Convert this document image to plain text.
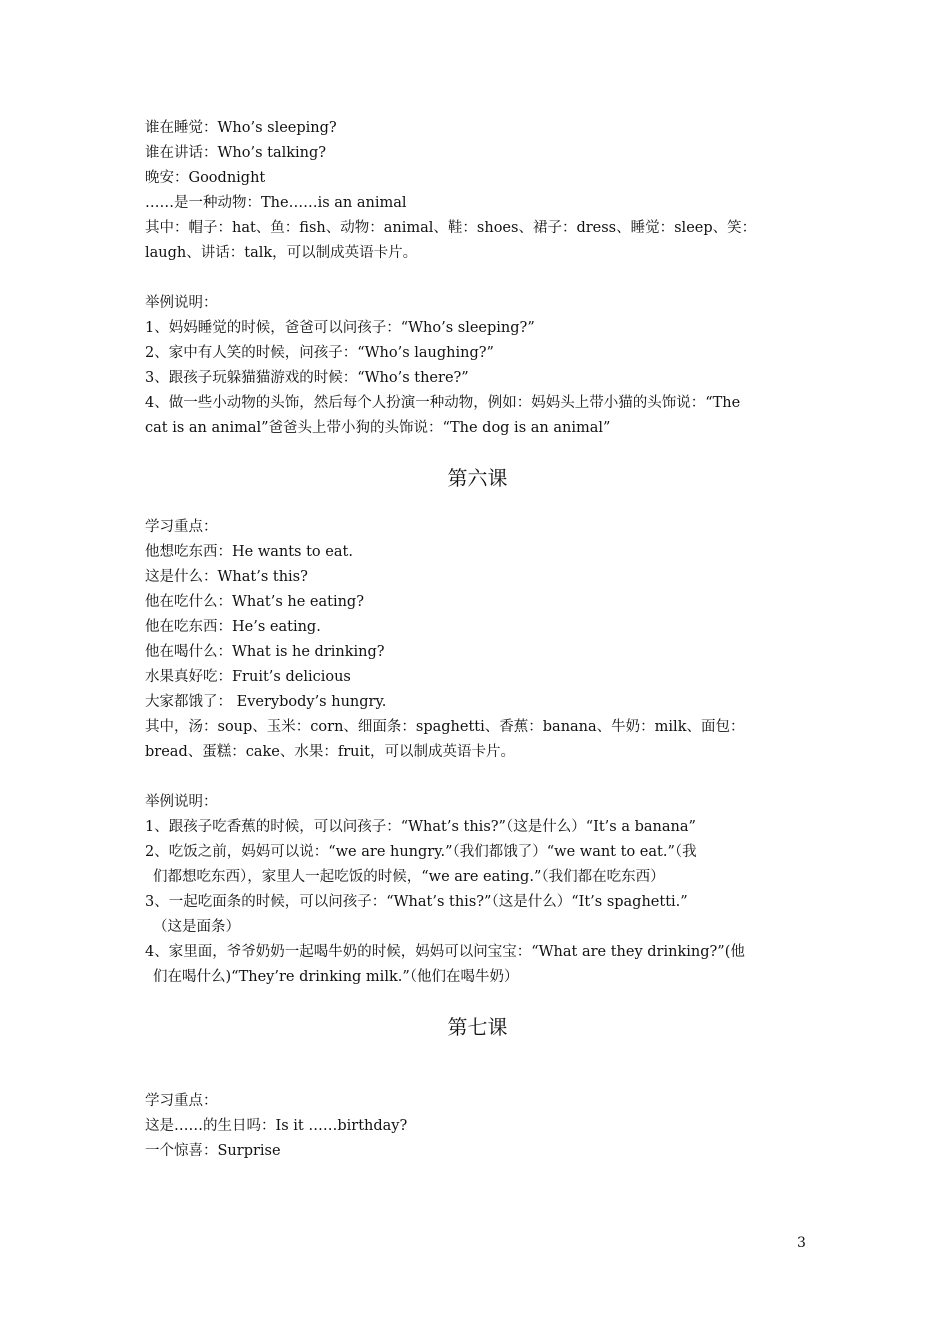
谁在睡觉：Who’s sleeping?
谁在讲话：Who’s talking?
晚安：Goodnight
……是一种动物：The……is an animal
其中：帽子：hat、鱼：fish、动物：animal、鞋：shoes、裙子：dress、睡觉：sleep、笑：
laugh、讲话：talk，可以制成英语卡片。
举例说明：
1、妈妈睡觉的时候，爸爸可以问孩子：“Who’s sleeping?”
2、家中有人笑的时候，问孩子：“Who’s laughing?”
3、跟孩子玩躲猫猫游戏的时候：“Who’s there?”
4、做一些小动物的头饰，然后每个人扮演一种动物，例如：妈妈头上带小猫的头饰说：“The
cat is an animal”爸爸头上带小狗的头饰说：“The dog is an animal”
第六课
学习重点：
他想吃东西：He wants to eat.
这是什么：What’s this?
他在吃什么：What’s he eating?
他在吃东西：He’s eating.
他在喝什么：What is he drinking?
水果真好吃：Fruit’s delicious
大家都饿了： Everybody’s hungry.
其中，汤：soup、玉米：corn、细面条：spaghetti、香蕉：banana、牛奶：milk、面包：
bread、蛋糕：cake、水果：fruit，可以制成英语卡片。
举例说明：
1、跟孩子吃香蕉的时候，可以问孩子：“What’s this?”（这是什么）“It’s a banana”
2、吃饭之前，妈妈可以说：“we are hungry.”（我们都饿了）“we want to eat.”（我
们都想吃东西），家里人一起吃饭的时候，“we are eating.”（我们都在吃东西）
3、一起吃面条的时候，可以问孩子：“What’s this?”（这是什么）“It’s spaghetti.”
（这是面条）
4、家里面，爷爷奶奶一起喝牛奶的时候，妈妈可以问宝宝：“What are they drinking?”(他
们在喝什么)“They’re drinking milk.”（他们在喝牛奶）
第七课
学习重点：
这是……的生日吗：Is it ……birthday?
一个惊喜：Surprise
3
